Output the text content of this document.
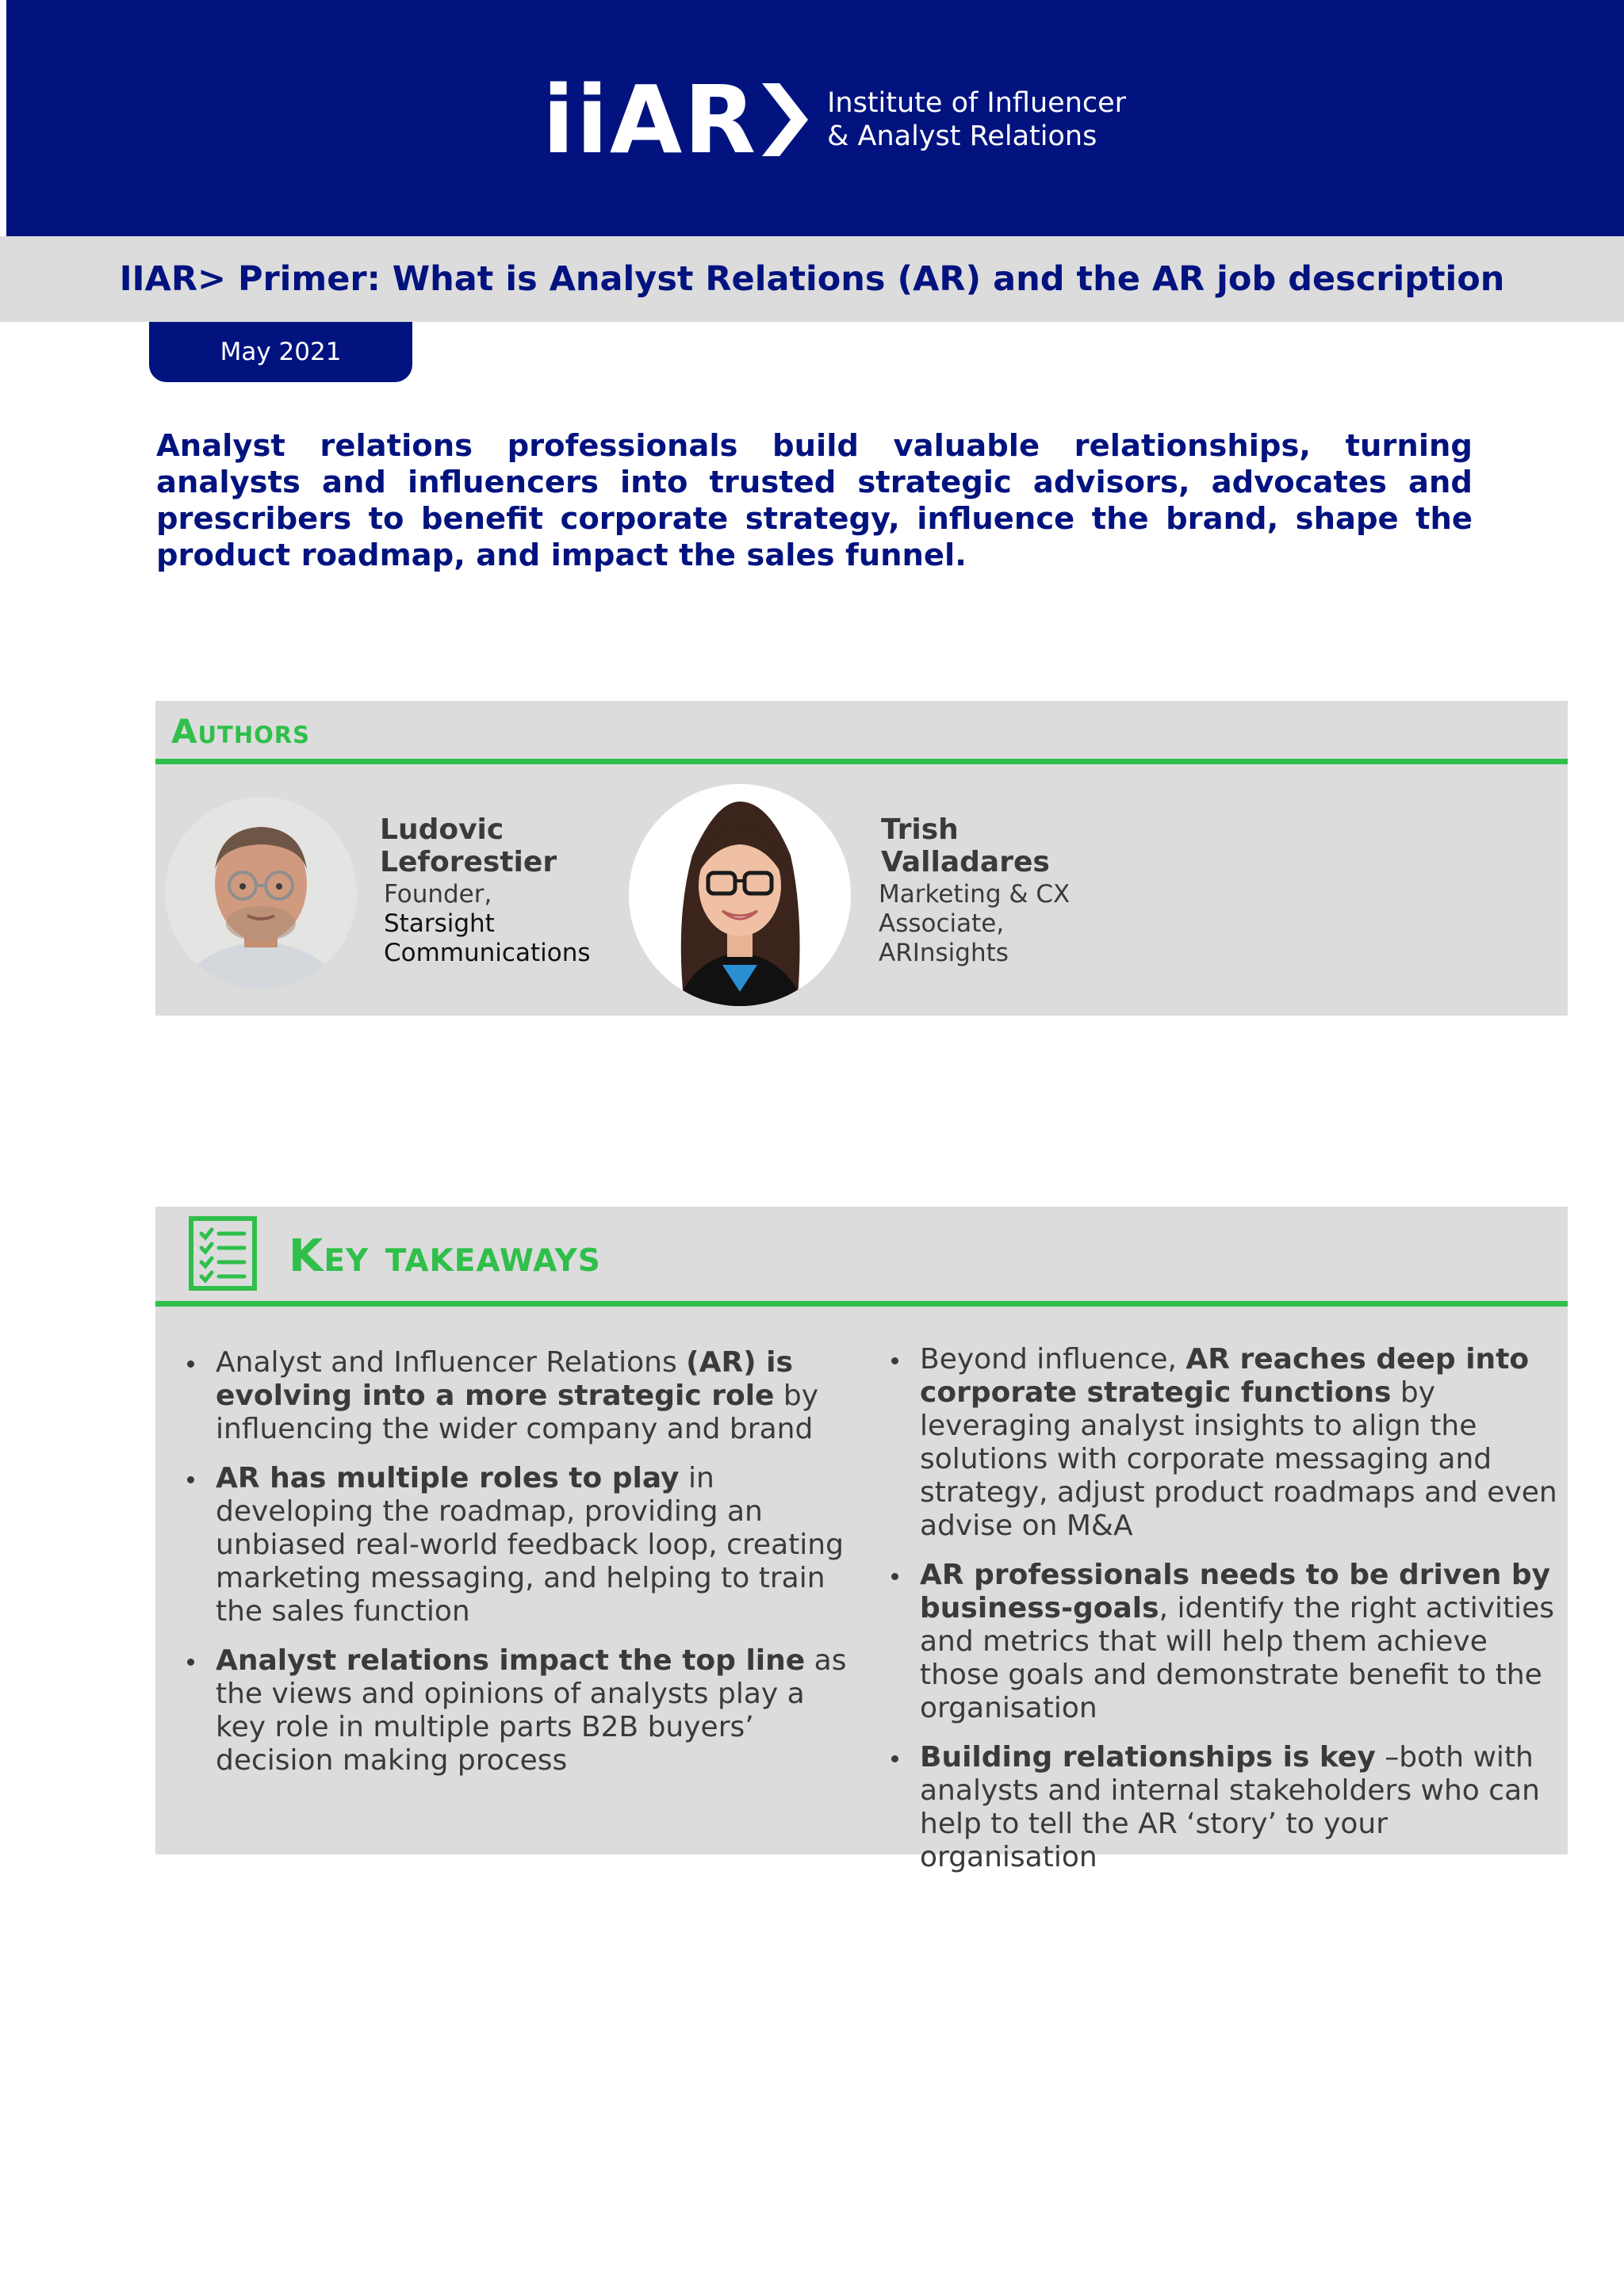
iiAR	Institute of Influencer
& Analyst Relations
IIAR> Primer: What is Analyst Relations (AR) and the AR job description
May 2021

Analyst relations professionals build valuable relationships, turning analysts and influencers into trusted strategic advisors, advocates and prescribers to benefit corporate strategy, influence the brand, shape the product roadmap, and impact the sales funnel.

Authors
Ludovic
Leforestier
Founder,
Starsight
Communications
Trish
Valladares
Marketing & CX
Associate,
ARInsights
Key takeaways
Analyst and Influencer Relations (AR) is evolving into a more strategic role by influencing the wider company and brand
AR has multiple roles to play in developing the roadmap, providing an unbiased real-world feedback loop, creating marketing messaging, and helping to train the sales function
Analyst relations impact the top line as the views and opinions of analysts play a key role in multiple parts B2B buyers’ decision making process
Beyond influence, AR reaches deep into corporate strategic functions by leveraging analyst insights to align the solutions with corporate messaging and strategy, adjust product roadmaps and even advise on M&A
AR professionals needs to be driven by business-goals, identify the right activities and metrics that will help them achieve those goals and demonstrate benefit to the organisation
Building relationships is key –both with analysts and internal stakeholders who can help to tell the AR ‘story’ to your organisation
